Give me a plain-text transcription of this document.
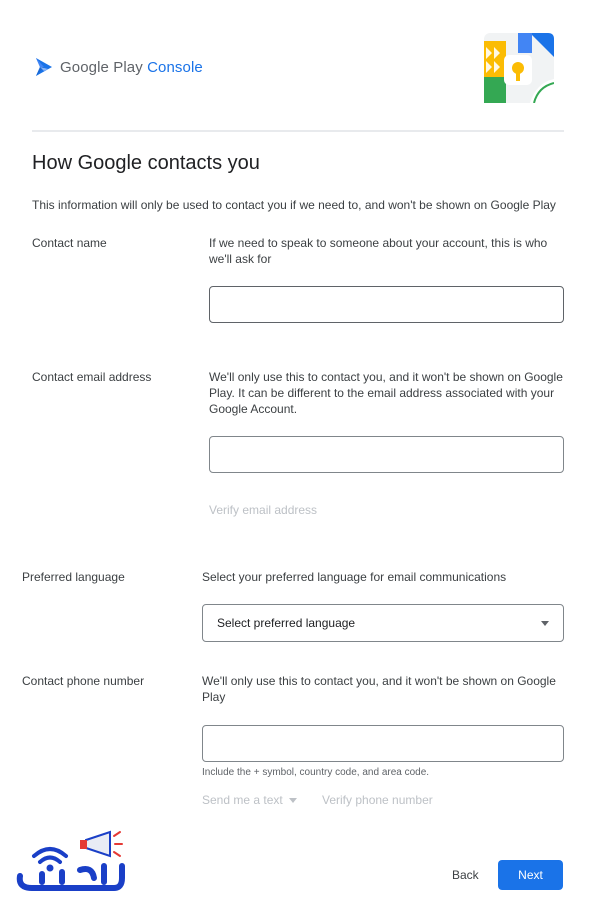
Google Play Console
How Google contacts you
This information will only be used to contact you if we need to, and won't be shown on Google Play
Contact name	If we need to speak to someone about your account, this is who we'll ask for
Contact email address	We'll only use this to contact you, and it won't be shown on Google Play. It can be different to the email address associated with your Google Account.
Verify email address
Preferred language	Select your preferred language for email communications
Select preferred language
Contact phone number	We'll only use this to contact you, and it won't be shown on Google Play
Include the + symbol, country code, and area code.
Send me a text	Verify phone number
Back	Next
